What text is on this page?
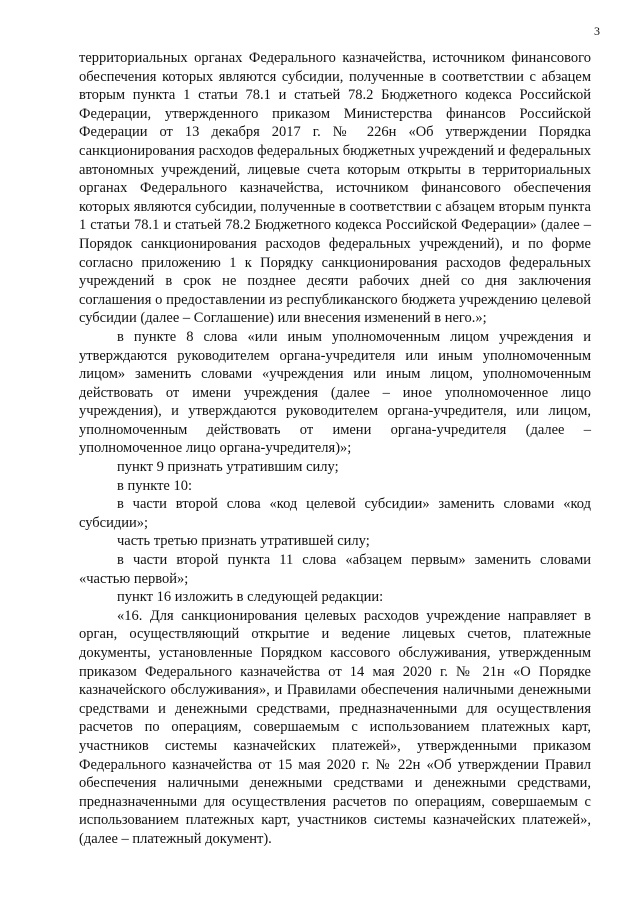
3

территориальных органах Федерального казначейства, источником финансового обеспечения которых являются субсидии, полученные в соответствии с абзацем вторым пункта 1 статьи 78.1 и статьей 78.2 Бюджетного кодекса Российской Федерации, утвержденного приказом Министерства финансов Российской Федерации от 13 декабря 2017 г. № 226н «Об утверждении Порядка санкционирования расходов федеральных бюджетных учреждений и федеральных автономных учреждений, лицевые счета которым открыты в территориальных органах Федерального казначейства, источником финансового обеспечения которых являются субсидии, полученные в соответствии с абзацем вторым пункта 1 статьи 78.1 и статьей 78.2 Бюджетного кодекса Российской Федерации» (далее – Порядок санкционирования расходов федеральных учреждений), и по форме согласно приложению 1 к Порядку санкционирования расходов федеральных учреждений в срок не позднее десяти рабочих дней со дня заключения соглашения о предоставлении из республиканского бюджета учреждению целевой субсидии (далее – Соглашение) или внесения изменений в него.»;

в пункте 8 слова «или иным уполномоченным лицом учреждения и утверждаются руководителем органа-учредителя или иным уполномоченным лицом» заменить словами «учреждения или иным лицом, уполномоченным действовать от имени учреждения (далее – иное уполномоченное лицо учреждения), и утверждаются руководителем органа-учредителя, или лицом, уполномоченным действовать от имени органа-учредителя (далее – уполномоченное лицо органа-учредителя)»;

пункт 9 признать утратившим силу;

в пункте 10:

в части второй слова «код целевой субсидии» заменить словами «код субсидии»;

часть третью признать утратившей силу;

в части второй пункта 11 слова «абзацем первым» заменить словами «частью первой»;

пункт 16 изложить в следующей редакции:

«16. Для санкционирования целевых расходов учреждение направляет в орган, осуществляющий открытие и ведение лицевых счетов, платежные документы, установленные Порядком кассового обслуживания, утвержденным приказом Федерального казначейства от 14 мая 2020 г. № 21н «О Порядке казначейского обслуживания», и Правилами обеспечения наличными денежными средствами и денежными средствами, предназначенными для осуществления расчетов по операциям, совершаемым с использованием платежных карт, участников системы казначейских платежей», утвержденными приказом Федерального казначейства от 15 мая 2020 г. № 22н «Об утверждении Правил обеспечения наличными денежными средствами и денежными средствами, предназначенными для осуществления расчетов по операциям, совершаемым с использованием платежных карт, участников системы казначейских платежей», (далее – платежный документ).
